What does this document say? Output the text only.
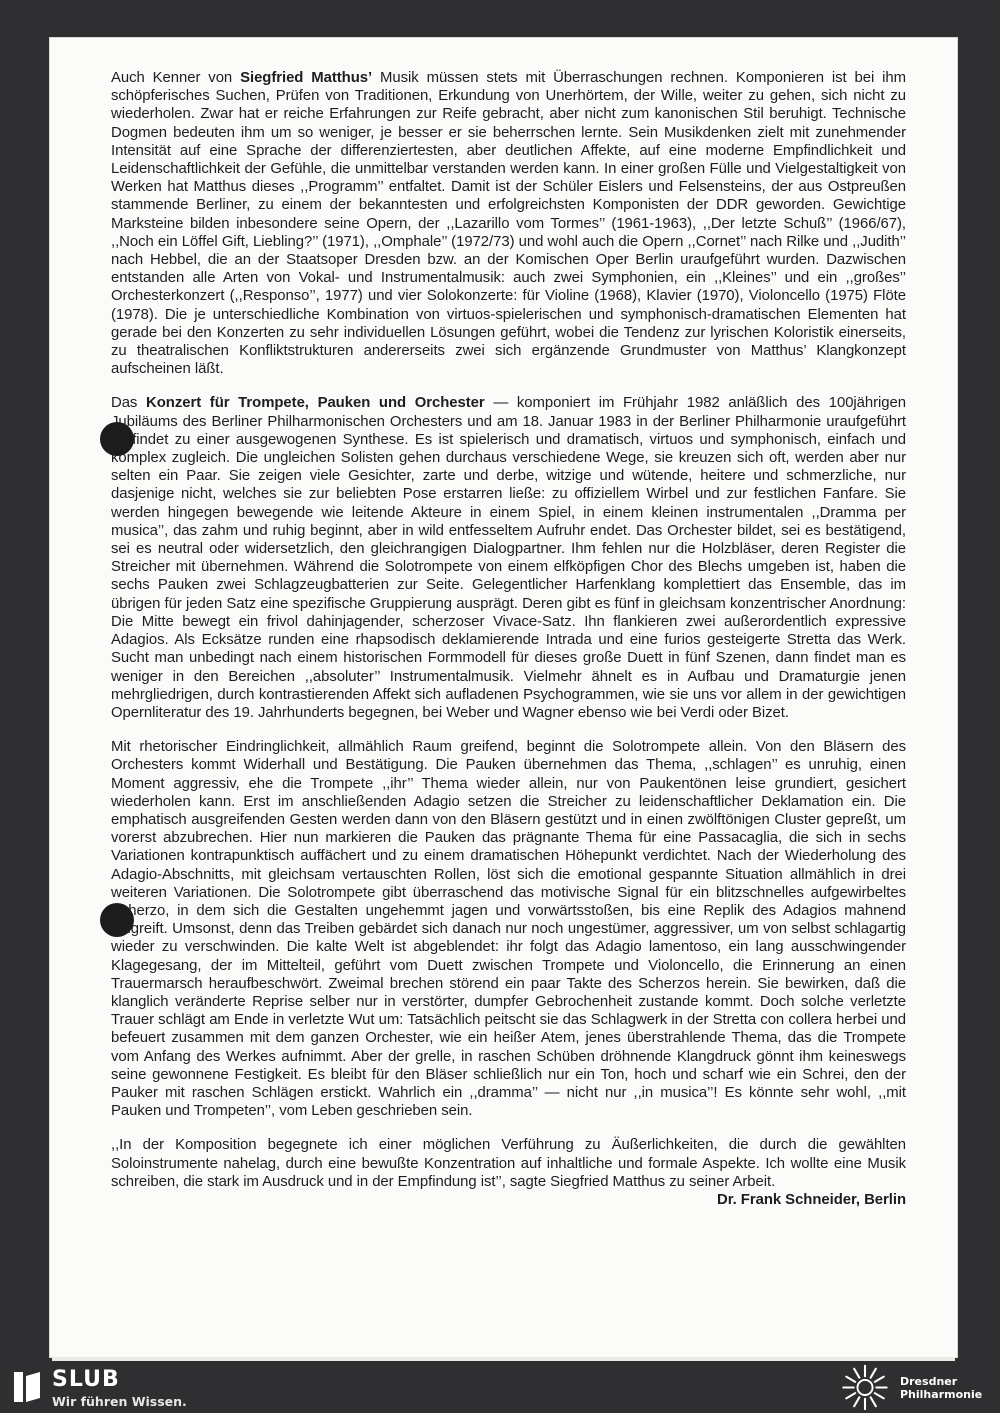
Auch Kenner von Siegfried Matthus’ Musik müssen stets mit Überraschungen rechnen. Komponieren ist bei ihm schöpferisches Suchen, Prüfen von Traditionen, Erkundung von Unerhörtem, der Wille, weiter zu gehen, sich nicht zu wiederholen. Zwar hat er reiche Erfahrungen zur Reife gebracht, aber nicht zum kanonischen Stil beruhigt. Technische Dogmen bedeuten ihm um so weniger, je besser er sie beherrschen lernte. Sein Musikdenken zielt mit zunehmender Intensität auf eine Sprache der differenziertesten, aber deutlichen Affekte, auf eine moderne Empfindlichkeit und Leidenschaftlichkeit der Gefühle, die unmittelbar verstanden werden kann. In einer großen Fülle und Vielgestaltigkeit von Werken hat Matthus dieses ,,Programm’’ entfaltet. Damit ist der Schüler Eislers und Felsensteins, der aus Ostpreußen stammende Berliner, zu einem der bekanntesten und erfolgreichsten Komponisten der DDR geworden. Gewichtige Marksteine bilden inbesondere seine Opern, der ,,Lazarillo vom Tormes’’ (1961-1963), ,,Der letzte Schuß’’ (1966/67), ,,Noch ein Löffel Gift, Liebling?’’ (1971), ,,Omphale’’ (1972/73) und wohl auch die Opern ,,Cornet’’ nach Rilke und ,,Judith’’ nach Hebbel, die an der Staatsoper Dresden bzw. an der Komischen Oper Berlin uraufgeführt wurden. Dazwischen entstanden alle Arten von Vokal- und Instrumentalmusik: auch zwei Symphonien, ein ,,Kleines’’ und ein ,,großes’’ Orchesterkonzert (,,Responso’’, 1977) und vier Solokonzerte: für Violine (1968), Klavier (1970), Violoncello (1975) Flöte (1978). Die je unterschiedliche Kombination von virtuos-spielerischen und symphonisch-dramatischen Elementen hat gerade bei den Konzerten zu sehr individuellen Lösungen geführt, wobei die Tendenz zur lyrischen Koloristik einerseits, zu theatralischen Konfliktstrukturen andererseits zwei sich ergänzende Grundmuster von Matthus’ Klangkonzept aufscheinen läßt.

Das Konzert für Trompete, Pauken und Orchester — komponiert im Frühjahr 1982 anläßlich des 100jährigen Jubiläums des Berliner Philharmonischen Orchesters und am 18. Januar 1983 in der Berliner Philharmonie uraufgeführt — findet zu einer ausgewogenen Synthese. Es ist spielerisch und dramatisch, virtuos und symphonisch, einfach und komplex zugleich. Die ungleichen Solisten gehen durchaus verschiedene Wege, sie kreuzen sich oft, werden aber nur selten ein Paar. Sie zeigen viele Gesichter, zarte und derbe, witzige und wütende, heitere und schmerzliche, nur dasjenige nicht, welches sie zur beliebten Pose erstarren ließe: zu offiziellem Wirbel und zur festlichen Fanfare. Sie werden hingegen bewegende wie leitende Akteure in einem Spiel, in einem kleinen instrumentalen ,,Dramma per musica’’, das zahm und ruhig beginnt, aber in wild entfesseltem Aufruhr endet. Das Orchester bildet, sei es bestätigend, sei es neutral oder widersetzlich, den gleichrangigen Dialogpartner. Ihm fehlen nur die Holzbläser, deren Register die Streicher mit übernehmen. Während die Solotrompete von einem elfköpfigen Chor des Blechs umgeben ist, haben die sechs Pauken zwei Schlagzeugbatterien zur Seite. Gelegentlicher Harfenklang komplettiert das Ensemble, das im übrigen für jeden Satz eine spezifische Gruppierung ausprägt. Deren gibt es fünf in gleichsam konzentrischer Anordnung: Die Mitte bewegt ein frivol dahinjagender, scherzoser Vivace-Satz. Ihn flankieren zwei außerordentlich expressive Adagios. Als Ecksätze runden eine rhapsodisch deklamierende Intrada und eine furios gesteigerte Stretta das Werk. Sucht man unbedingt nach einem historischen Formmodell für dieses große Duett in fünf Szenen, dann findet man es weniger in den Bereichen ,,absoluter’’ Instrumentalmusik. Vielmehr ähnelt es in Aufbau und Dramaturgie jenen mehrgliedrigen, durch kontrastierenden Affekt sich aufladenen Psychogrammen, wie sie uns vor allem in der gewichtigen Opernliteratur des 19. Jahrhunderts begegnen, bei Weber und Wagner ebenso wie bei Verdi oder Bizet.

Mit rhetorischer Eindringlichkeit, allmählich Raum greifend, beginnt die Solotrompete allein. Von den Bläsern des Orchesters kommt Widerhall und Bestätigung. Die Pauken übernehmen das Thema, ,,schlagen’’ es unruhig, einen Moment aggressiv, ehe die Trompete ,,ihr’’ Thema wieder allein, nur von Paukentönen leise grundiert, gesichert wiederholen kann. Erst im anschließenden Adagio setzen die Streicher zu leidenschaftlicher Deklamation ein. Die emphatisch ausgreifenden Gesten werden dann von den Bläsern gestützt und in einen zwölftönigen Cluster gepreßt, um vorerst abzubrechen. Hier nun markieren die Pauken das prägnante Thema für eine Passacaglia, die sich in sechs Variationen kontrapunktisch auffächert und zu einem dramatischen Höhepunkt verdichtet. Nach der Wiederholung des Adagio-Abschnitts, mit gleichsam vertauschten Rollen, löst sich die emotional gespannte Situation allmählich in drei weiteren Variationen. Die Solotrompete gibt überraschend das motivische Signal für ein blitzschnelles aufgewirbeltes Scherzo, in dem sich die Gestalten ungehemmt jagen und vorwärtsstoßen, bis eine Replik des Adagios mahnend eingreift. Umsonst, denn das Treiben gebärdet sich danach nur noch ungestümer, aggressiver, um von selbst schlagartig wieder zu verschwinden. Die kalte Welt ist abgeblendet: ihr folgt das Adagio lamentoso, ein lang ausschwingender Klagegesang, der im Mittelteil, geführt vom Duett zwischen Trompete und Violoncello, die Erinnerung an einen Trauermarsch heraufbeschwört. Zweimal brechen störend ein paar Takte des Scherzos herein. Sie bewirken, daß die klanglich veränderte Reprise selber nur in verstörter, dumpfer Gebrochenheit zustande kommt. Doch solche verletzte Trauer schlägt am Ende in verletzte Wut um: Tatsächlich peitscht sie das Schlagwerk in der Stretta con collera herbei und befeuert zusammen mit dem ganzen Orchester, wie ein heißer Atem, jenes überstrahlende Thema, das die Trompete vom Anfang des Werkes aufnimmt. Aber der grelle, in raschen Schüben dröhnende Klangdruck gönnt ihm keineswegs seine gewonnene Festigkeit. Es bleibt für den Bläser schließlich nur ein Ton, hoch und scharf wie ein Schrei, den der Pauker mit raschen Schlägen erstickt. Wahrlich ein ,,dramma’’ — nicht nur ,,in musica’’! Es könnte sehr wohl, ,,mit Pauken und Trompeten’’, vom Leben geschrieben sein.

,,In der Komposition begegnete ich einer möglichen Verführung zu Äußerlichkeiten, die durch die gewählten Soloinstrumente nahelag, durch eine bewußte Konzentration auf inhaltliche und formale Aspekte. Ich wollte eine Musik schreiben, die stark im Ausdruck und in der Empfindung ist’’, sagte Siegfried Matthus zu seiner Arbeit.

Dr. Frank Schneider, Berlin
SLUB
Wir führen Wissen.
Dresdner
Philharmonie
